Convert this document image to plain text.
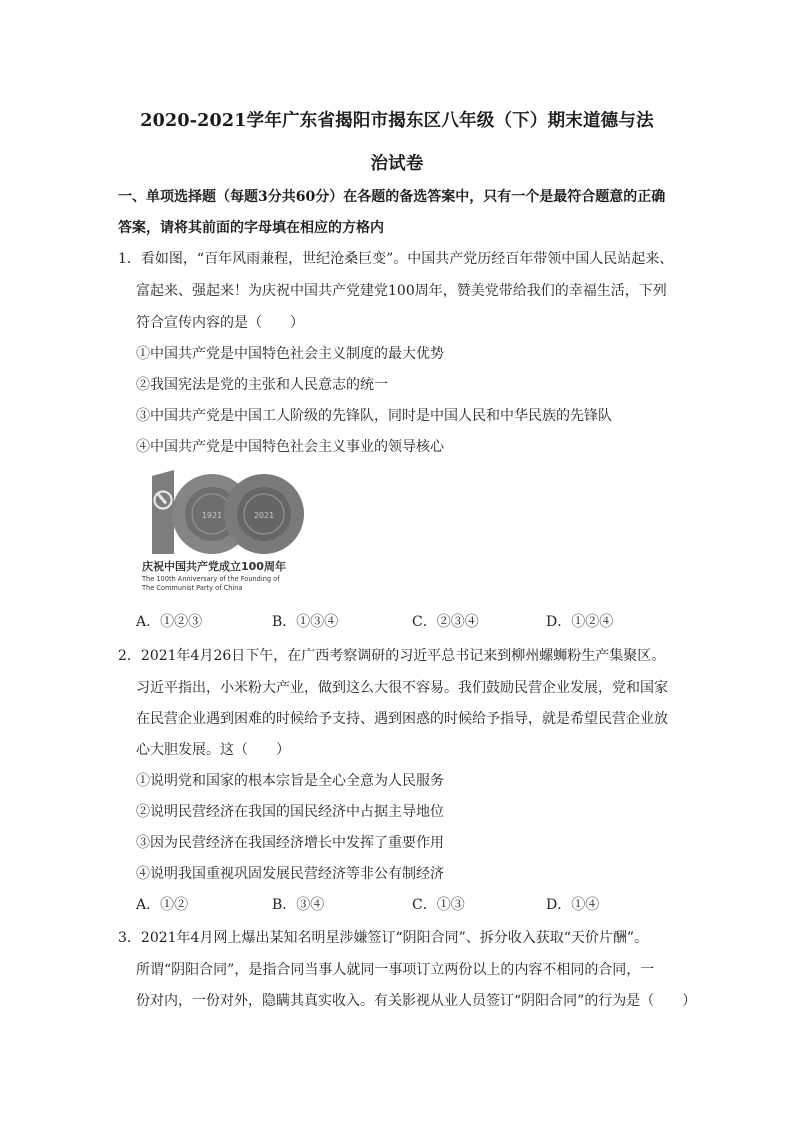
2020-2021学年广东省揭阳市揭东区八年级（下）期末道德与法
治试卷
一、单项选择题（每题3分共60分）在各题的备选答案中，只有一个是最符合题意的正确
答案，请将其前面的字母填在相应的方格内
1．看如图，“百年风雨兼程，世纪沧桑巨变”。中国共产党历经百年带领中国人民站起来、
富起来、强起来！为庆祝中国共产党建党100周年，赞美党带给我们的幸福生活，下列
符合宣传内容的是（　　）
①中国共产党是中国特色社会主义制度的最大优势
②我国宪法是党的主张和人民意志的统一
③中国共产党是中国工人阶级的先锋队，同时是中国人民和中华民族的先锋队
④中国共产党是中国特色社会主义事业的领导核心
1921	2021
庆祝中国共产党成立100周年
The 100th Anniversary of the Founding of
The Communist Party of China
A．①②③	B．①③④	C．②③④	D．①②④
2．2021年4月26日下午，在广西考察调研的习近平总书记来到柳州螺蛳粉生产集聚区。
习近平指出，小米粉大产业，做到这么大很不容易。我们鼓励民营企业发展，党和国家
在民营企业遇到困难的时候给予支持、遇到困惑的时候给予指导，就是希望民营企业放
心大胆发展。这（　　）
①说明党和国家的根本宗旨是全心全意为人民服务
②说明民营经济在我国的国民经济中占据主导地位
③因为民营经济在我国经济增长中发挥了重要作用
④说明我国重视巩固发展民营经济等非公有制经济
A．①②	B．③④	C．①③	D．①④
3．2021年4月网上爆出某知名明星涉嫌签订“阴阳合同”、拆分收入获取“天价片酬”。
所谓“阴阳合同”，是指合同当事人就同一事项订立两份以上的内容不相同的合同，一
份对内，一份对外，隐瞒其真实收入。有关影视从业人员签订“阴阳合同”的行为是（　　）
